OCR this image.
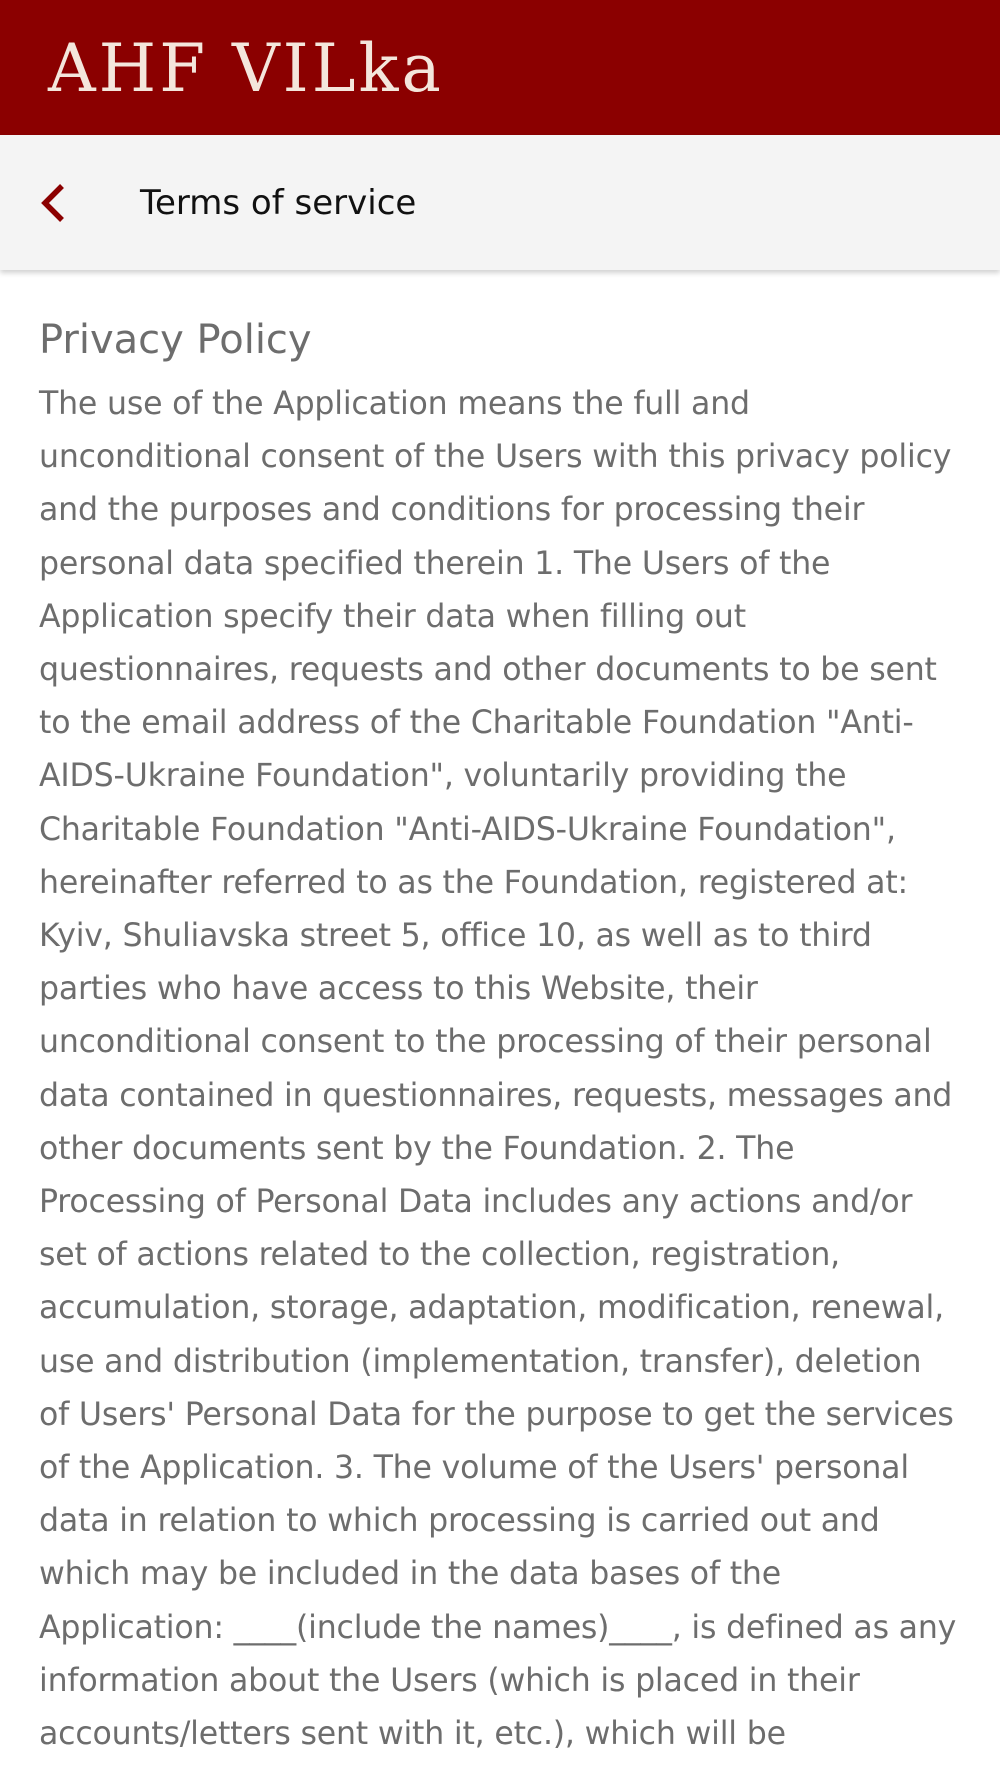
AHF VILka
Terms of service
Privacy Policy

The use of the Application means the full and unconditional consent of the Users with this privacy policy and the purposes and conditions for processing their personal data specified therein 1. The Users of the Application specify their data when filling out questionnaires, requests and other documents to be sent to the email address of the Charitable Foundation "Anti-AIDS-Ukraine Foundation", voluntarily providing the Charitable Foundation "Anti-AIDS-Ukraine Foundation", hereinafter referred to as the Foundation, registered at: Kyiv, Shuliavska street 5, office 10, as well as to third parties who have access to this Website, their unconditional consent to the processing of their personal data contained in questionnaires, requests, messages and other documents sent by the Foundation. 2. The Processing of Personal Data includes any actions and/or set of actions related to the collection, registration, accumulation, storage, adaptation, modification, renewal, use and distribution (implementation, transfer), deletion of Users' Personal Data for the purpose to get the services of the Application. 3. The volume of the Users' personal data in relation to which processing is carried out and which may be included in the data bases of the Application: ____(include the names)____, is defined as any information about the Users (which is placed in their accounts/letters sent with it, etc.), which will be
